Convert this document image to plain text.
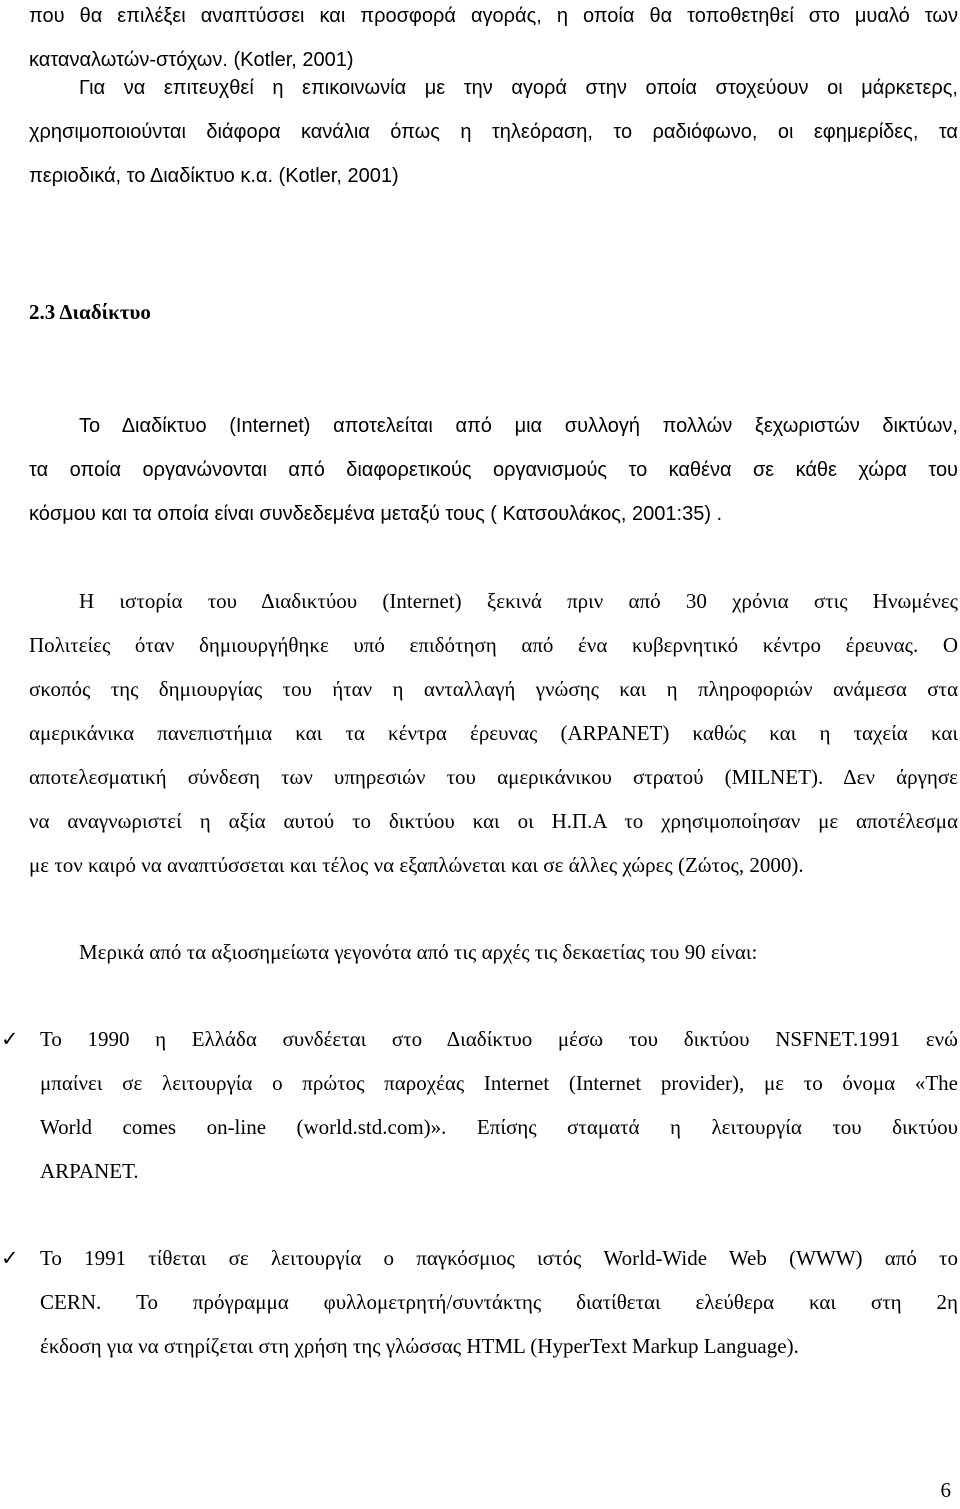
που θα επιλέξει αναπτύσσει και προσφορά αγοράς, η οποία θα τοποθετηθεί στο μυαλό των
καταναλωτών-στόχων. (Kotler, 2001)
Για να επιτευχθεί η επικοινωνία με την αγορά στην οποία στοχεύουν οι μάρκετερς,
χρησιμοποιούνται διάφορα κανάλια όπως η τηλεόραση, το ραδιόφωνο, οι εφημερίδες, τα
περιοδικά, το Διαδίκτυο κ.α. (Kotler, 2001)
2.3 Διαδίκτυο
Το Διαδίκτυο (Internet) αποτελείται από μια συλλογή πολλών ξεχωριστών δικτύων,
τα οποία οργανώνονται από διαφορετικούς οργανισμούς το καθένα σε κάθε χώρα του
κόσμου και τα οποία είναι συνδεδεμένα μεταξύ τους ( Κατσουλάκος, 2001:35) .
Η ιστορία του Διαδικτύου (Internet) ξεκινά πριν από 30 χρόνια στις Ηνωμένες
Πολιτείες όταν δημιουργήθηκε υπό επιδότηση από ένα κυβερνητικό κέντρο έρευνας. Ο
σκοπός της δημιουργίας του ήταν η ανταλλαγή γνώσης και η πληροφοριών ανάμεσα στα
αμερικάνικα πανεπιστήμια και τα κέντρα έρευνας (ARPANET) καθώς και η ταχεία και
αποτελεσματική σύνδεση των υπηρεσιών του αμερικάνικου στρατού (MILNET). Δεν άργησε
να αναγνωριστεί η αξία αυτού το δικτύου και οι Η.Π.Α το χρησιμοποίησαν με αποτέλεσμα
με τον καιρό να αναπτύσσεται και τέλος να εξαπλώνεται και σε άλλες χώρες (Ζώτος, 2000).
Μερικά από τα αξιοσημείωτα γεγονότα από τις αρχές τις δεκαετίας του 90 είναι:
✓ Το 1990 η Ελλάδα συνδέεται στο Διαδίκτυο μέσω του δικτύου NSFNET.1991 ενώ
μπαίνει σε λειτουργία ο πρώτος παροχέας Internet (Internet provider), με το όνομα «The
World comes on-line (world.std.com)». Επίσης σταματά η λειτουργία του δικτύου
ARPANET.
✓ Το 1991 τίθεται σε λειτουργία ο παγκόσμιος ιστός World-Wide Web (WWW) από το
CERN. Το πρόγραμμα φυλλομετρητή/συντάκτης διατίθεται ελεύθερα και στη 2η
έκδοση για να στηρίζεται στη χρήση της γλώσσας HTML (HyperText Markup Language).
6
